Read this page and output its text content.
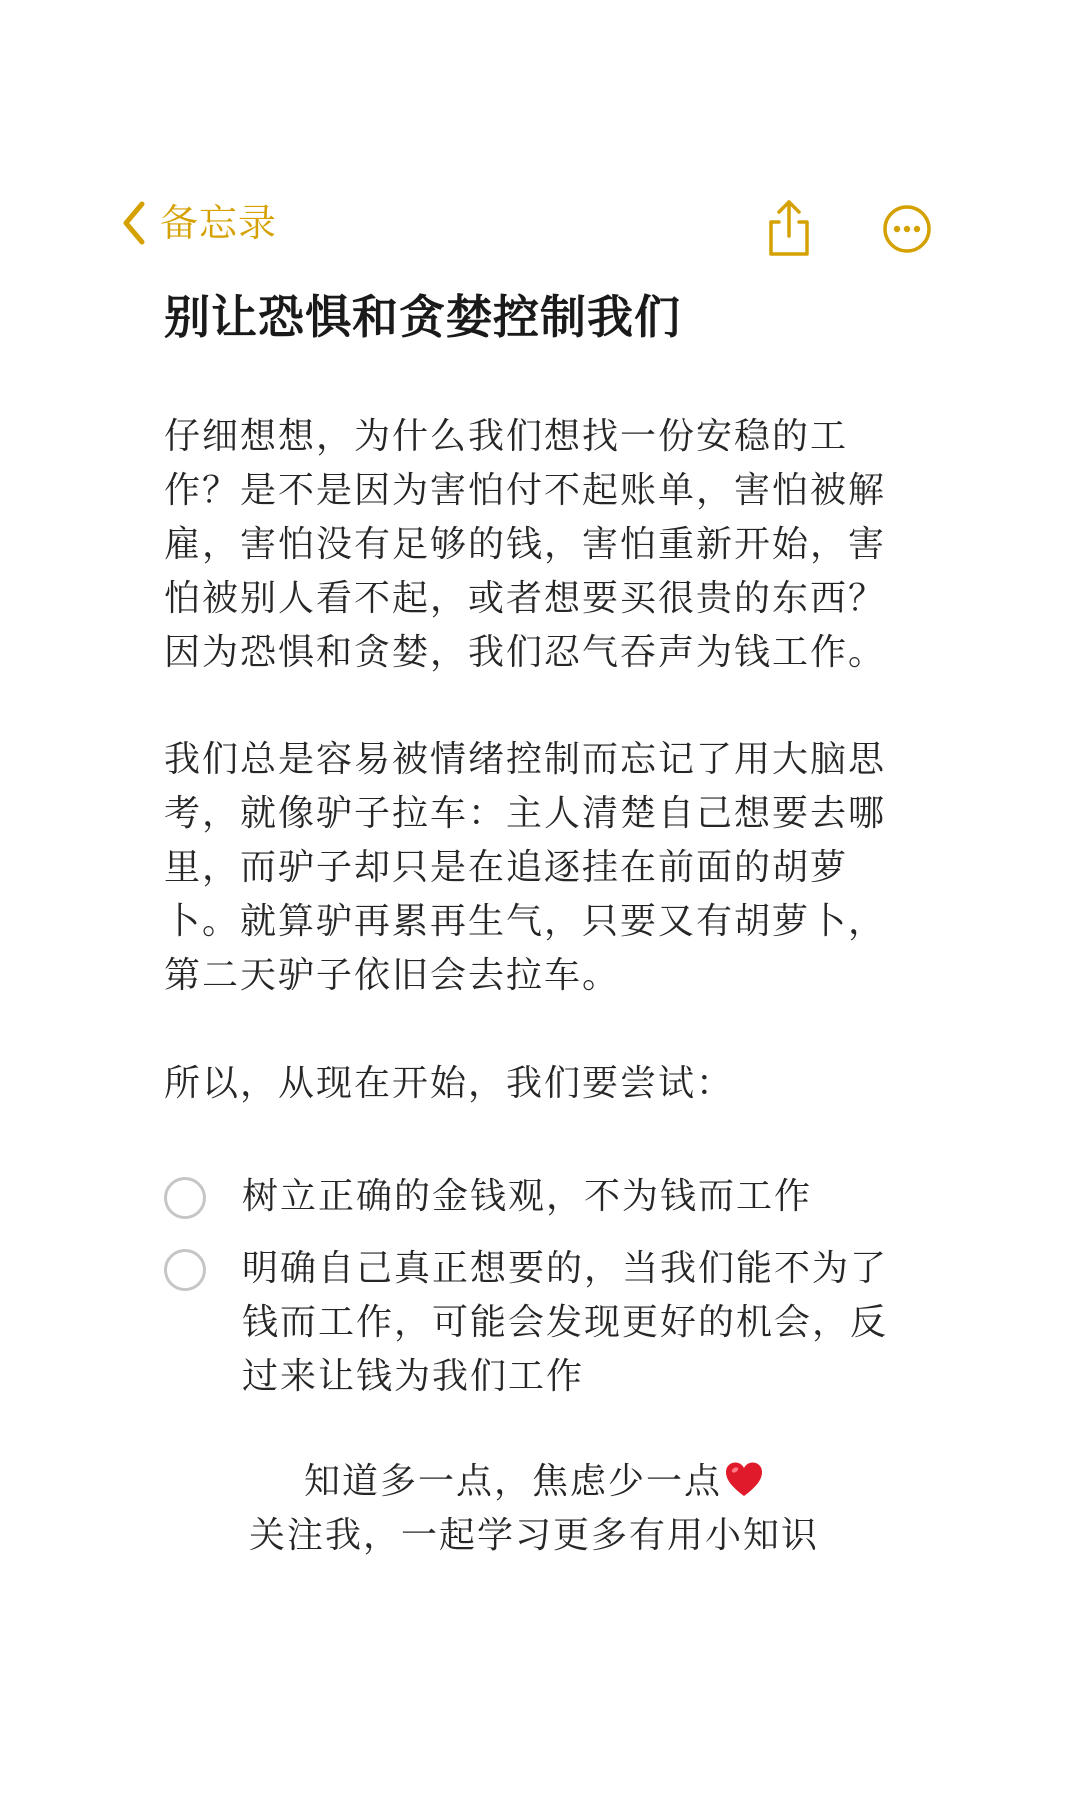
备忘录
别让恐惧和贪婪控制我们

仔细想想，为什么我们想找一份安稳的工作？是不是因为害怕付不起账单，害怕被解雇，害怕没有足够的钱，害怕重新开始，害怕被别人看不起，或者想要买很贵的东西？因为恐惧和贪婪，我们忍气吞声为钱工作。

我们总是容易被情绪控制而忘记了用大脑思考，就像驴子拉车：主人清楚自己想要去哪里，而驴子却只是在追逐挂在前面的胡萝卜。就算驴再累再生气，只要又有胡萝卜，第二天驴子依旧会去拉车。

所以，从现在开始，我们要尝试：

树立正确的金钱观，不为钱而工作
明确自己真正想要的，当我们能不为了钱而工作，可能会发现更好的机会，反过来让钱为我们工作
知道多一点，焦虑少一点
关注我，一起学习更多有用小知识
